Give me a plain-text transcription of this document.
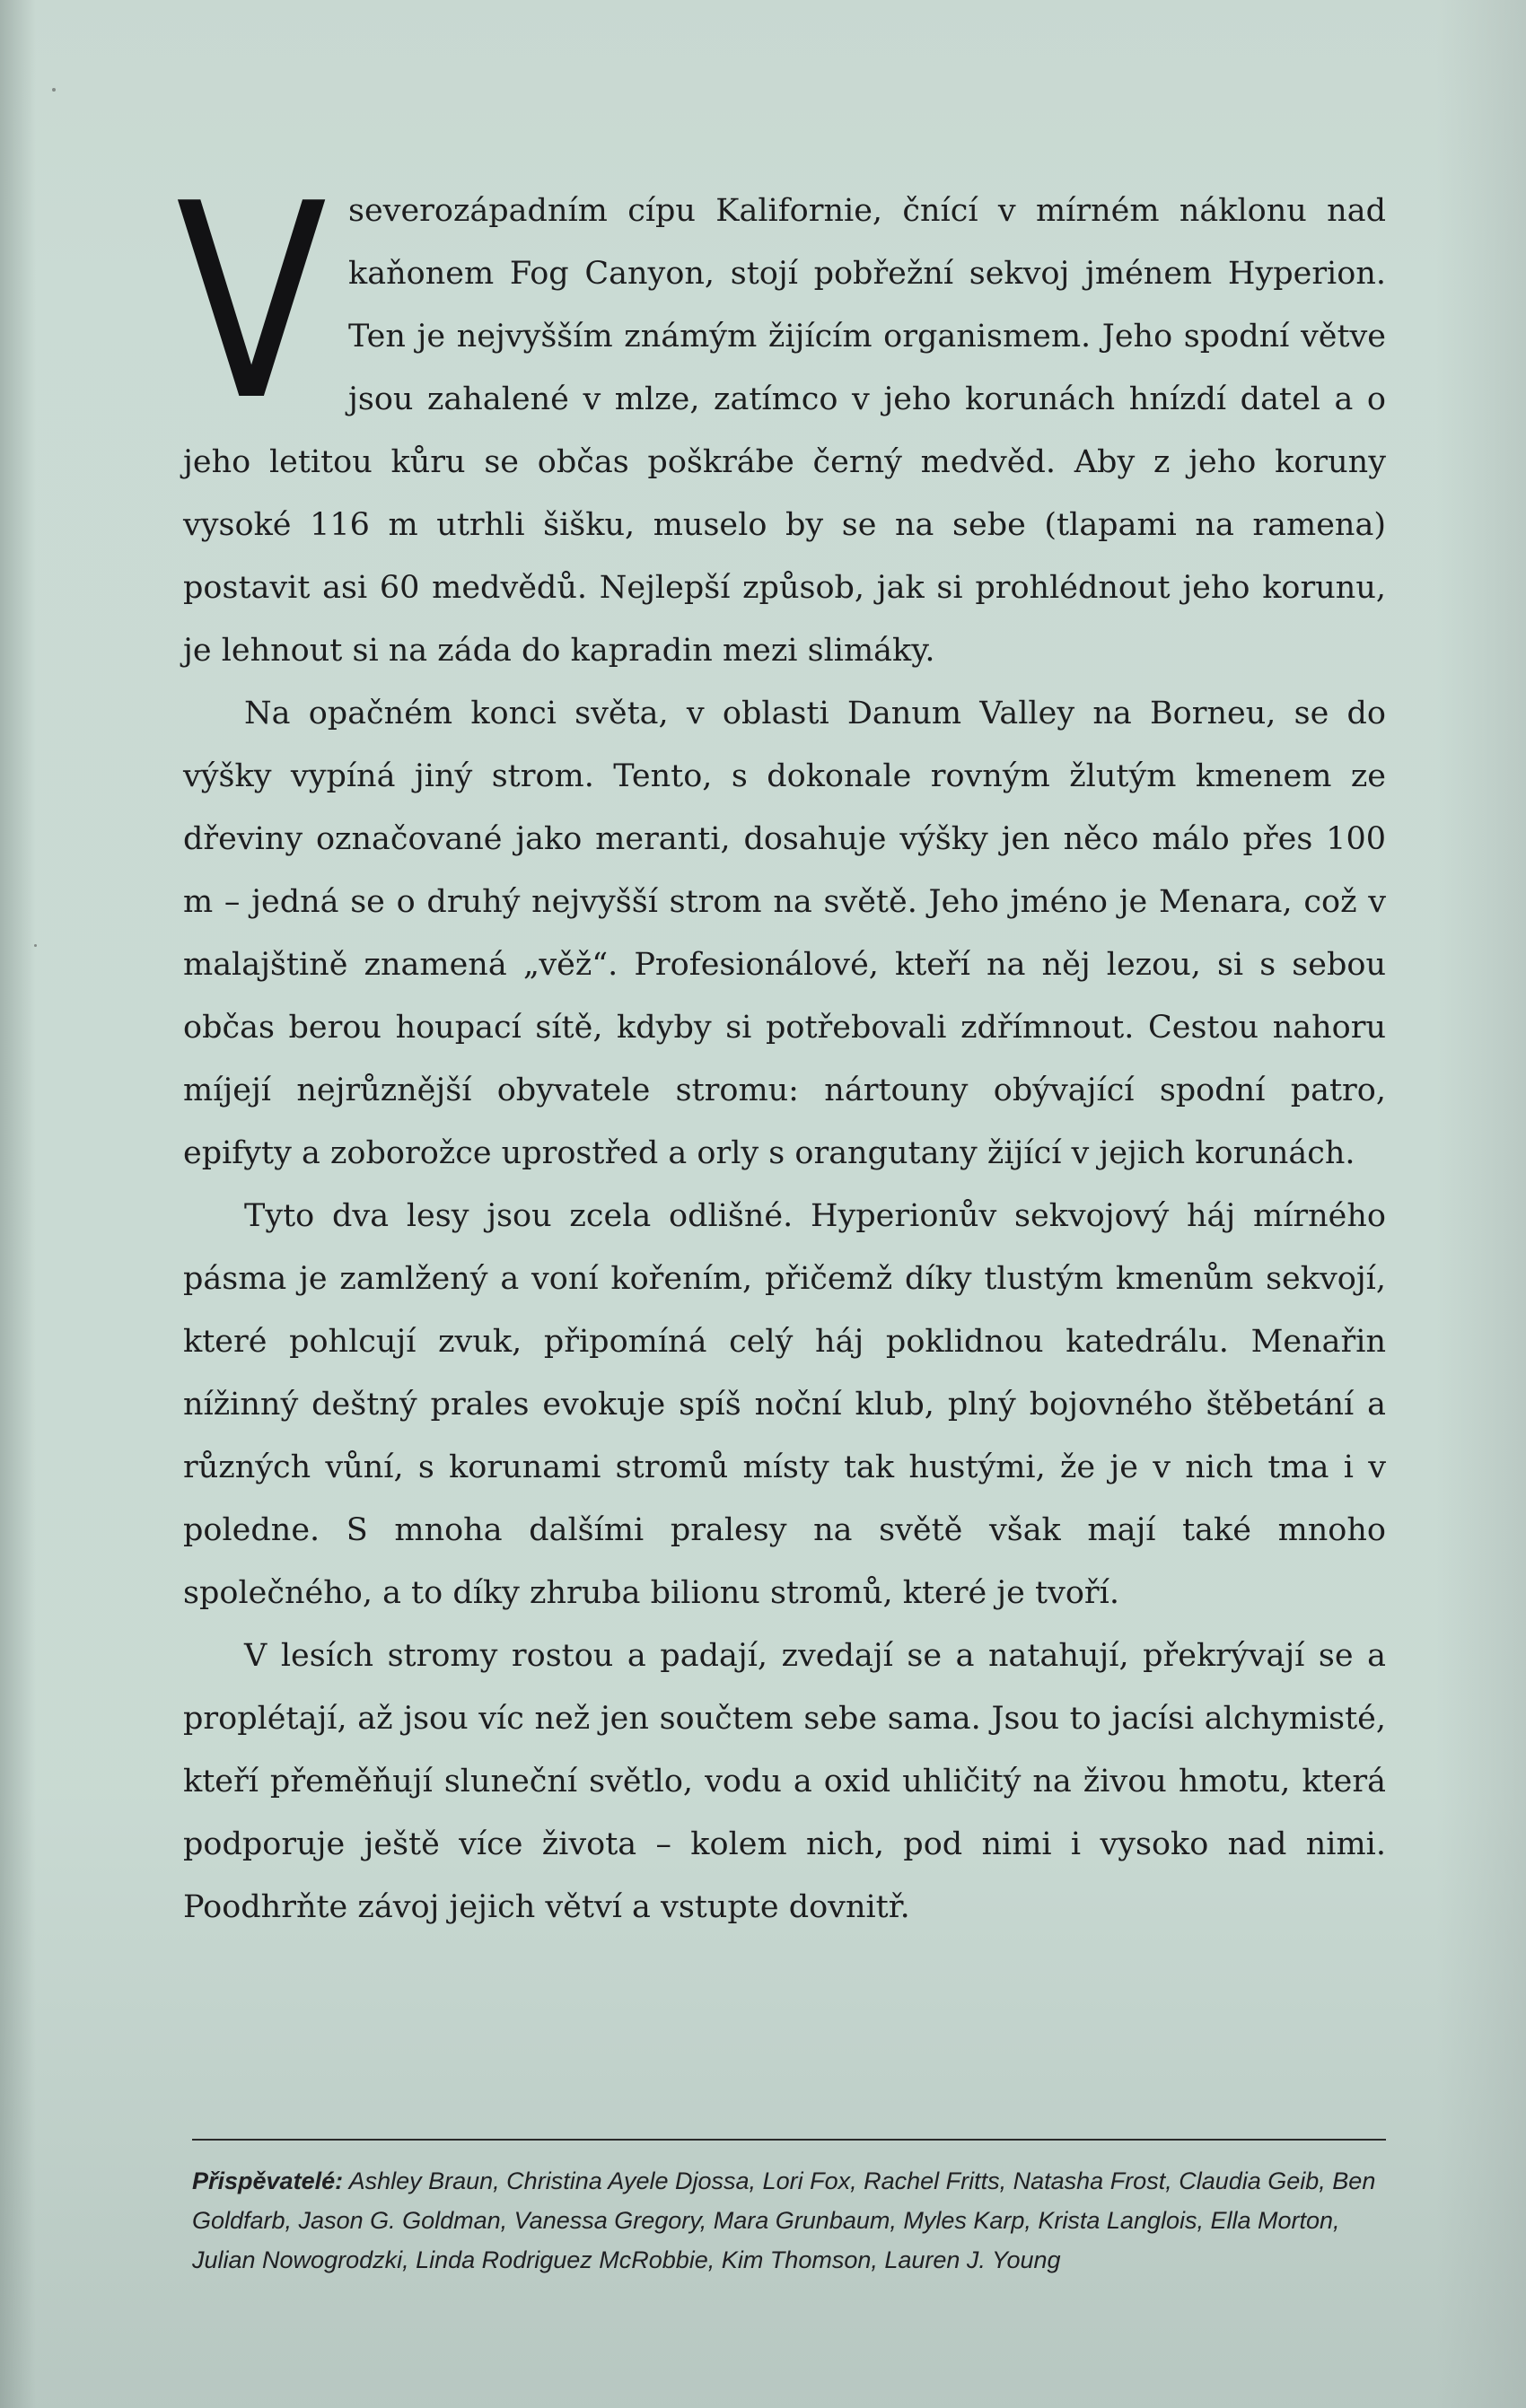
Vseverozápadním cípu Kalifornie, čnící v mírném náklonu nad kaňonem Fog Canyon, stojí pobřežní sekvoj jménem Hyperion. Ten je nejvyšším známým žijícím organismem. Jeho spodní větve jsou zahalené v mlze, zatímco v jeho korunách hnízdí datel a o jeho letitou kůru se občas poškrábe černý medvěd. Aby z jeho koruny vysoké 116 m utrhli šišku, muselo by se na sebe (tlapami na ramena) postavit asi 60 medvědů. Nejlepší způsob, jak si prohlédnout jeho korunu, je lehnout si na záda do kapradin mezi slimáky.

Na opačném konci světa, v oblasti Danum Valley na Borneu, se do výšky vypíná jiný strom. Tento, s dokonale rovným žlutým kmenem ze dřeviny označované jako meranti, dosahuje výšky jen něco málo přes 100 m – jedná se o druhý nejvyšší strom na světě. Jeho jméno je Menara, což v malajštině znamená „věž“. Profesionálové, kteří na něj lezou, si s sebou občas berou houpací sítě, kdyby si potřebovali zdřímnout. Cestou nahoru míjejí nejrůznější obyvatele stromu: nártouny obývající spodní patro, epifyty a zoborožce uprostřed a orly s orangutany žijící v jejich korunách.

Tyto dva lesy jsou zcela odlišné. Hyperionův sekvojový háj mírného pásma je zamlžený a voní kořením, přičemž díky tlustým kmenům sekvojí, které pohlcují zvuk, připomíná celý háj poklidnou katedrálu. Menařin nížinný deštný prales evokuje spíš noční klub, plný bojovného štěbetání a různých vůní, s korunami stromů místy tak hustými, že je v nich tma i v poledne. S mnoha dalšími pralesy na světě však mají také mnoho společného, a to díky zhruba bilionu stromů, které je tvoří.

V lesích stromy rostou a padají, zvedají se a natahují, překrývají se a proplétají, až jsou víc než jen součtem sebe sama. Jsou to jacísi alchymisté, kteří přeměňují sluneční světlo, vodu a oxid uhličitý na živou hmotu, která podporuje ještě více života – kolem nich, pod nimi i vysoko nad nimi. Poodhrňte závoj jejich větví a vstupte dovnitř.

Přispěvatelé: Ashley Braun, Christina Ayele Djossa, Lori Fox, Rachel Fritts, Natasha Frost, Claudia Geib, Ben Goldfarb, Jason G. Goldman, Vanessa Gregory, Mara Grunbaum, Myles Karp, Krista Langlois, Ella Morton, Julian Nowogrodzki, Linda Rodriguez McRobbie, Kim Thomson, Lauren J. Young
